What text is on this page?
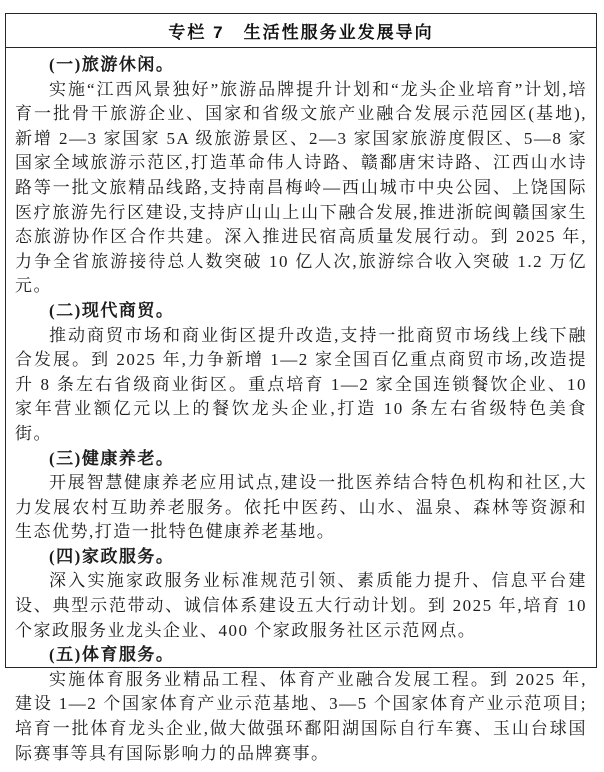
专栏 7　生活性服务业发展导向

(一)旅游休闲。

实施“江西风景独好”旅游品牌提升计划和“龙头企业培育”计划,培育一批骨干旅游企业、国家和省级文旅产业融合发展示范园区(基地),新增 2—3 家国家 5A 级旅游景区、2—3 家国家旅游度假区、5—8 家国家全域旅游示范区,打造革命伟人诗路、赣鄱唐宋诗路、江西山水诗路等一批文旅精品线路,支持南昌梅岭—西山城市中央公园、上饶国际医疗旅游先行区建设,支持庐山山上山下融合发展,推进浙皖闽赣国家生态旅游协作区合作共建。深入推进民宿高质量发展行动。到 2025 年,力争全省旅游接待总人数突破 10 亿人次,旅游综合收入突破 1.2 万亿元。

(二)现代商贸。

推动商贸市场和商业街区提升改造,支持一批商贸市场线上线下融合发展。到 2025 年,力争新增 1—2 家全国百亿重点商贸市场,改造提升 8 条左右省级商业街区。重点培育 1—2 家全国连锁餐饮企业、10 家年营业额亿元以上的餐饮龙头企业,打造 10 条左右省级特色美食街。

(三)健康养老。

开展智慧健康养老应用试点,建设一批医养结合特色机构和社区,大力发展农村互助养老服务。依托中医药、山水、温泉、森林等资源和生态优势,打造一批特色健康养老基地。

(四)家政服务。

深入实施家政服务业标准规范引领、素质能力提升、信息平台建设、典型示范带动、诚信体系建设五大行动计划。到 2025 年,培育 10 个家政服务业龙头企业、400 个家政服务社区示范网点。

(五)体育服务。

实施体育服务业精品工程、体育产业融合发展工程。到 2025 年,建设 1—2 个国家体育产业示范基地、3—5 个国家体育产业示范项目;培育一批体育龙头企业,做大做强环鄱阳湖国际自行车赛、玉山台球国际赛事等具有国际影响力的品牌赛事。
